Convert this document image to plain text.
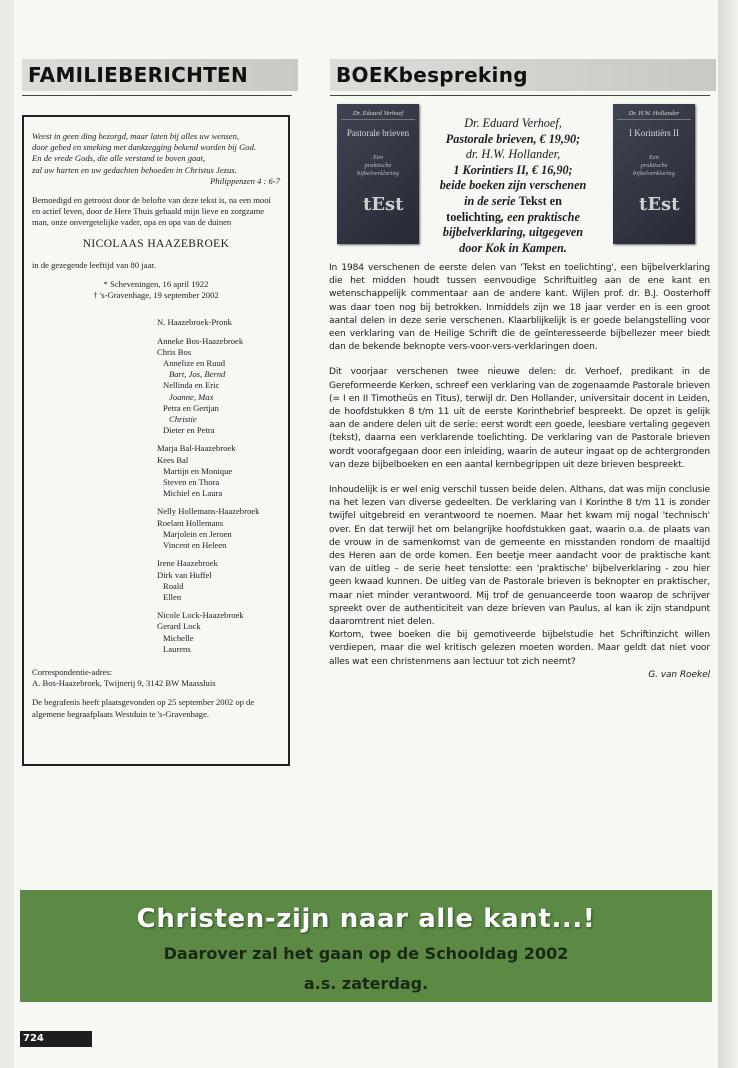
FAMILIEBERICHTEN

Weest in geen ding bezorgd, maar laten bij alles uw wensen,

door gebed en smeking met dankzegging bekend worden bij God.

En de vrede Gods, die alle verstand te boven gaat,

zal uw harten en uw gedachten behoeden in Christus Jezus.

Philippenzen 4 : 6-7

Bemoedigd en getroost door de belofte van deze tekst is, na een mooi en actief leven, door de Here Thuis gehaald mijn lieve en zorgzame man, onze onvergetelijke vader, opa en opa van de duinen

NICOLAAS HAAZEBROEK

in de gezegende leeftijd van 80 jaar.

* Scheveningen, 16 april 1922

† 's-Gravenhage, 19 september 2002

N. Haazebroek-Pronk
Anneke Bos-Haazebroek
Chris Bos
Annelize en Ruud
Bart, Jos, Bernd
Nellinda en Eric
Joanne, Max
Petra en Gertjan
Christie
Dieter en Petra
Marja Bal-Haazebroek
Kees Bal
Martijn en Monique
Steven en Thora
Michiel en Laura
Nelly Hollemans-Haazebroek
Roelant Hollemans
Marjolein en Jeroen
Vincent en Heleen
Irene Haazebroek
Dirk van Huffel
Roald
Ellen
Nicole Lock-Haazebroek
Gerard Lock
Michelle
Laurens

Correspondentie-adres:

A. Bos-Haazebroek, Twijnerij 9, 3142 BW Maassluis

De begrafenis heeft plaatsgevonden op 25 september 2002 op de algemene begraafplaats Westduin te 's-Gravenhage.

BOEKbespreking
Dr. Eduard Verhoef
Pastorale brieven
Een
praktische
bijbelverklaring
tEst
Dr. H.W. Hollander
I Korintiërs II
Een
praktische
bijbelverklaring
tEst
Dr. Eduard Verhoef,
Pastorale brieven, € 19,90;
dr. H.W. Hollander,
1 Korintiers II, € 16,90;
beide boeken zijn verschenen
in de serie Tekst en
toelichting, een praktische
bijbelverklaring, uitgegeven
door Kok in Kampen.

In 1984 verschenen de eerste delen van 'Tekst en toelichting', een bijbelverklaring die het midden houdt tussen eenvoudige Schriftuitleg aan de ene kant en wetenschappelijk commentaar aan de andere kant. Wijlen prof. dr. B.J. Oosterhoff was daar toen nog bij betrokken. Inmiddels zijn we 18 jaar verder en is een groot aantal delen in deze serie verschenen. Klaarblijkelijk is er goede belangstelling voor een verklaring van de Heilige Schrift die de geïnteresseerde bijbellezer meer biedt dan de bekende beknopte vers-voor-vers-verklaringen doen.

Dit voorjaar verschenen twee nieuwe delen: dr. Verhoef, predikant in de Gereformeerde Kerken, schreef een verklaring van de zogenaamde Pastorale brieven (= I en II Timotheüs en Titus), terwijl dr. Den Hollander, universitair docent in Leiden, de hoofdstukken 8 t/m 11 uit de eerste Korinthebrief bespreekt. De opzet is gelijk aan de andere delen uit de serie: eerst wordt een goede, leesbare vertaling gegeven (tekst), daarna een verklarende toelichting. De verklaring van de Pastorale brieven wordt voorafgegaan door een inleiding, waarin de auteur ingaat op de achtergronden van deze bijbelboeken en een aantal kernbegrippen uit deze brieven bespreekt.

Inhoudelijk is er wel enig verschil tussen beide delen. Althans, dat was mijn conclusie na het lezen van diverse gedeelten. De verklaring van I Korinthe 8 t/m 11 is zonder twijfel uitgebreid en verantwoord te noemen. Maar het kwam mij nogal 'technisch' over. En dat terwijl het om belangrijke hoofdstukken gaat, waarin o.a. de plaats van de vrouw in de samenkomst van de gemeente en misstanden rondom de maaltijd des Heren aan de orde komen. Een beetje meer aandacht voor de praktische kant van de uitleg – de serie heet tenslotte: een 'praktische' bijbelverklaring - zou hier geen kwaad kunnen. De uitleg van de Pastorale brieven is beknopter en praktischer, maar niet minder verantwoord. Mij trof de genuanceerde toon waarop de schrijver spreekt over de authenticiteit van deze brieven van Paulus, al kan ik zijn standpunt daaromtrent niet delen.

Kortom, twee boeken die bij gemotiveerde bijbelstudie het Schriftinzicht willen verdiepen, maar die wel kritisch gelezen moeten worden. Maar geldt dat niet voor alles wat een christenmens aan lectuur tot zich neemt?

G. van Roekel

Christen-zijn naar alle kant...!
Daarover zal het gaan op de Schooldag 2002
a.s. zaterdag.
724
